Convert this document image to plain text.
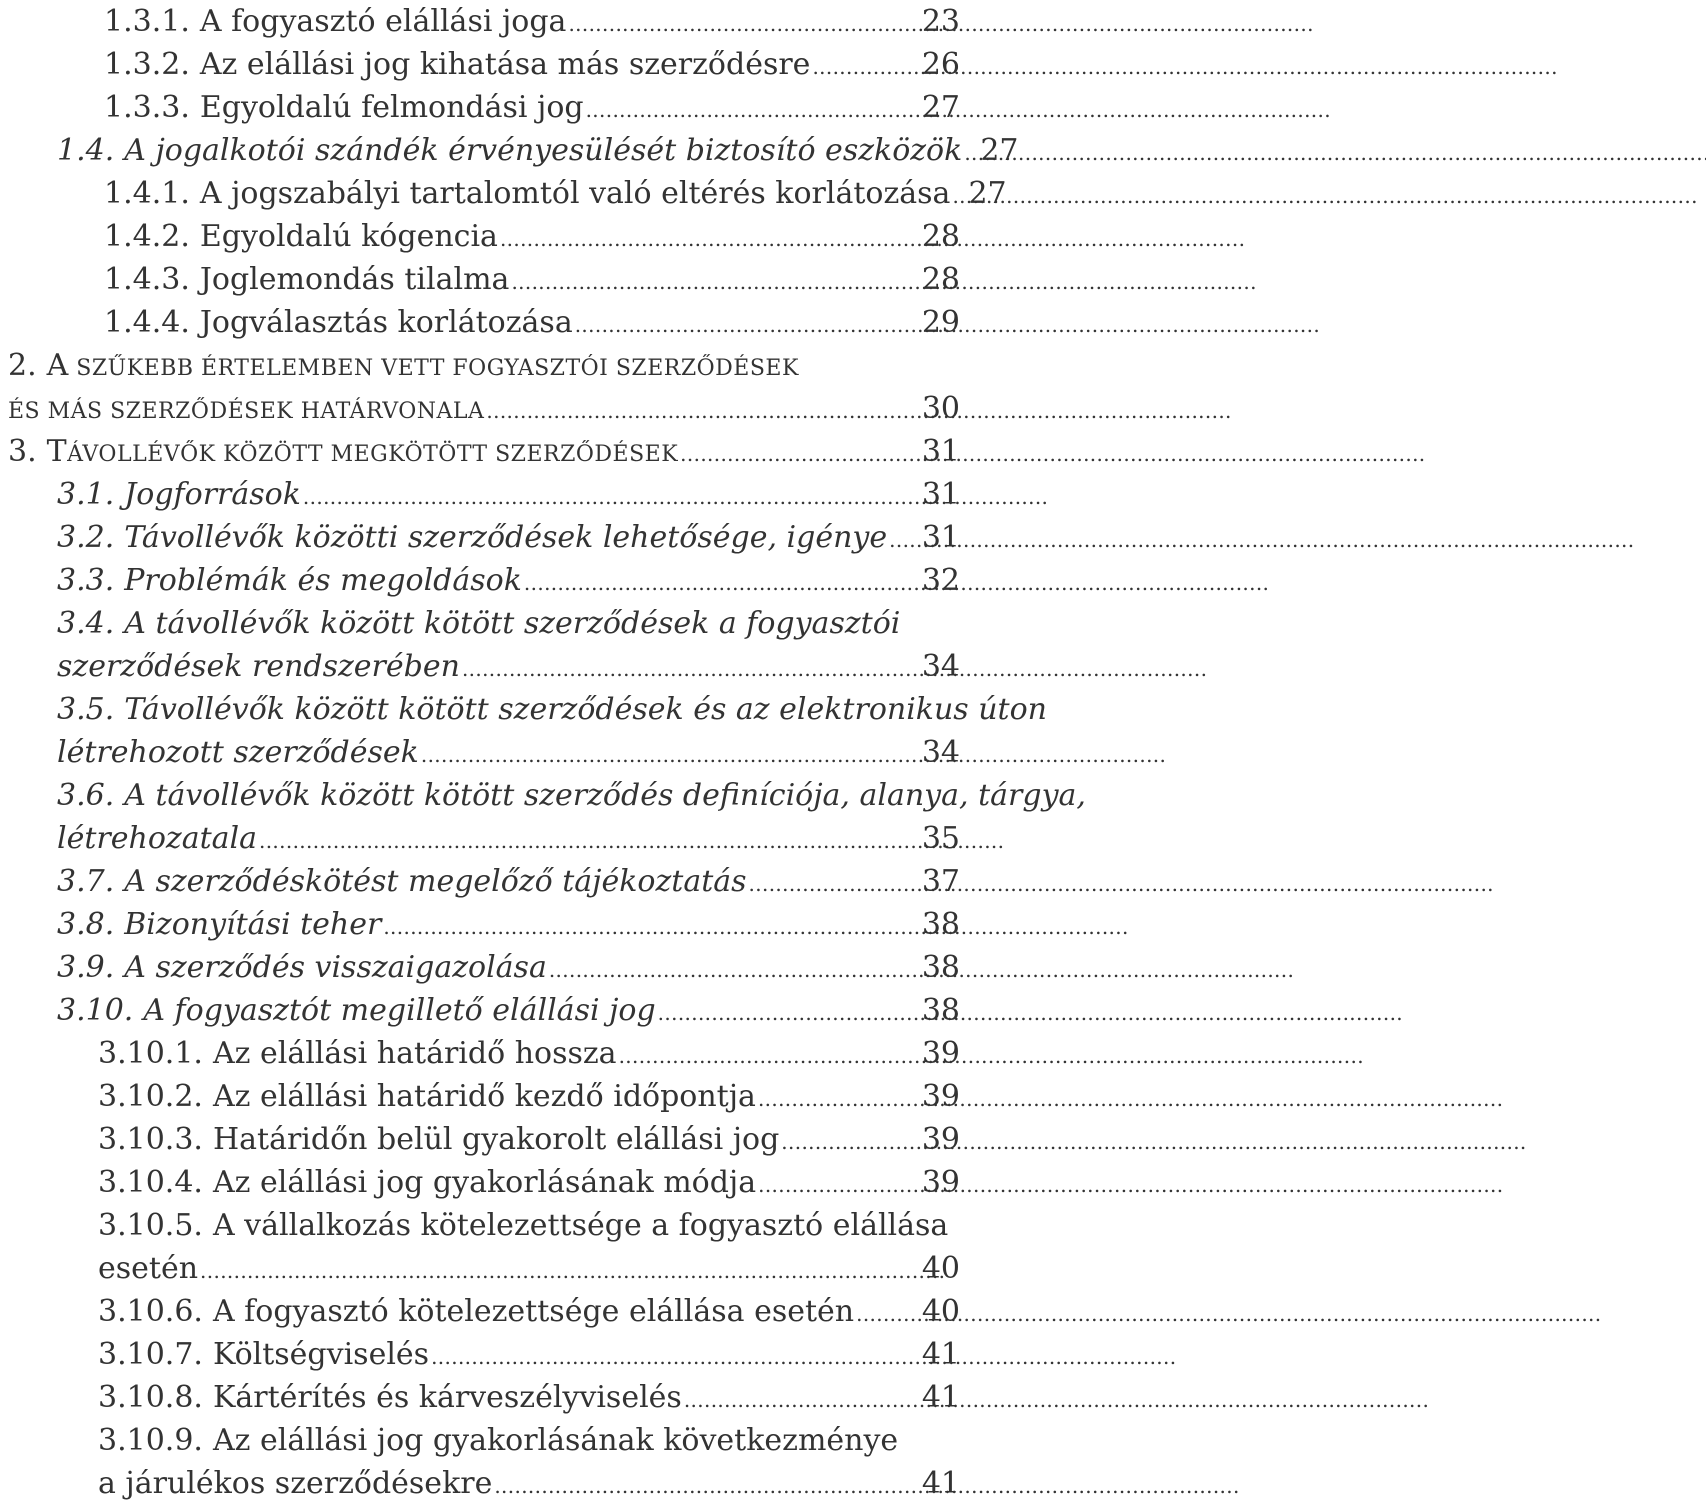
1.3.1. A fogyasztó elállási joga . . .	23
1.3.2. Az elállási jog kihatása más szerződésre . . .	26
1.3.3. Egyoldalú felmondási jog . . .	27
1.4. A jogalkotói szándék érvényesülését biztosító eszközök . . . 27
1.4.1. A jogszabályi tartalomtól való eltérés korlátozása . . . 27
1.4.2. Egyoldalú kógencia . . .	28
1.4.3. Joglemondás tilalma . . .	28
1.4.4. Jogválasztás korlátozása . . .	29
2. A SZŰKEBB ÉRTELEMBEN VETT FOGYASZTÓI SZERZŐDÉSEK
ÉS MÁS SZERZŐDÉSEK HATÁRVONALA . . .	30
3. TÁVOLLÉVŐK KÖZÖTT MEGKÖTÖTT SZERZŐDÉSEK . . .	31
3.1. Jogforrások . . .	31
3.2. Távollévők közötti szerződések lehetősége, igénye . . . 31
3.3. Problémák és megoldások . . .	32
3.4. A távollévők között kötött szerződések a fogyasztói
szerződések rendszerében . . .	34
3.5. Távollévők között kötött szerződések és az elektronikus úton
létrehozott szerződések . . .	34
3.6. A távollévők között kötött szerződés definíciója, alanya, tárgya,
létrehozatala . . .	35
3.7. A szerződéskötést megelőző tájékoztatás . . .	37
3.8. Bizonyítási teher . . .	38
3.9. A szerződés visszaigazolása . . .	38
3.10. A fogyasztót megillető elállási jog . . .	38
3.10.1. Az elállási határidő hossza . . .	39
3.10.2. Az elállási határidő kezdő időpontja . . .	39
3.10.3. Határidőn belül gyakorolt elállási jog . . .	39
3.10.4. Az elállási jog gyakorlásának módja . . .	39
3.10.5. A vállalkozás kötelezettsége a fogyasztó elállása
esetén . . .	40
3.10.6. A fogyasztó kötelezettsége elállása esetén . . . 40
3.10.7. Költségviselés . . .	41
3.10.8. Kártérítés és kárveszélyviselés . . .	41
3.10.9. Az elállási jog gyakorlásának következménye
a járulékos szerződésekre . . .	41
